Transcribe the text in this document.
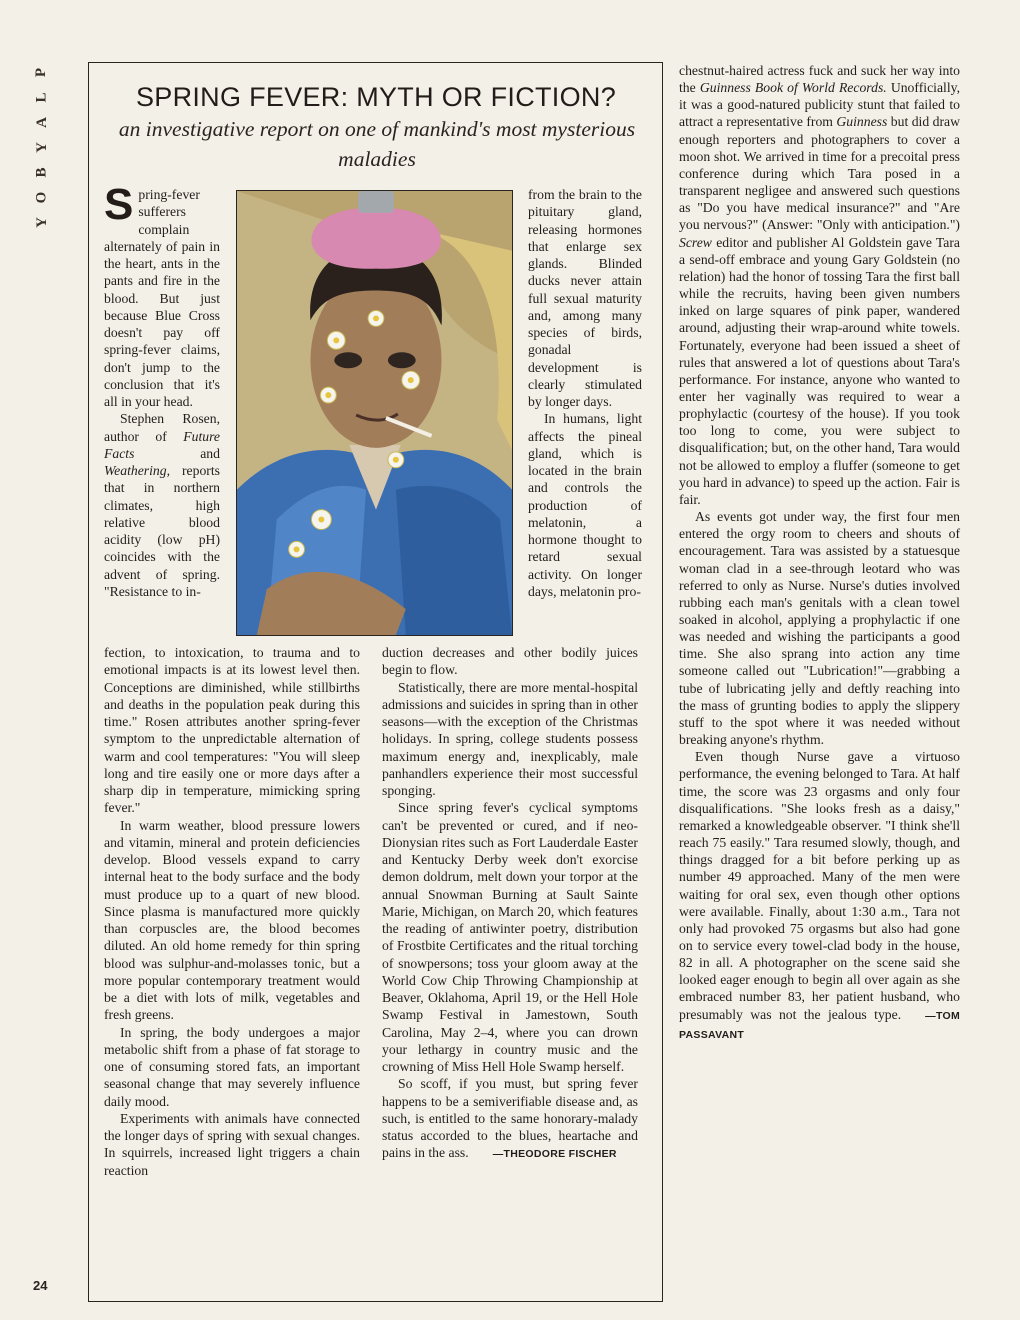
P
L
A
Y
B
O
Y
24
SPRING FEVER: MYTH OR FICTION?
an investigative report on one of mankind's most mysterious maladies

Spring-fever sufferers complain alternately of pain in the heart, ants in the pants and fire in the blood. But just because Blue Cross doesn't pay off spring-fever claims, don't jump to the conclusion that it's all in your head.

Stephen Rosen, author of Future Facts	and Weathering, reports that in northern climates, high relative blood acidity (low pH) coincides with the advent of spring. "Resistance to in-

from the brain to the pituitary gland, releasing hormones that enlarge sex glands. Blinded ducks never attain full sexual maturity and, among many species of birds, gonadal development is clearly stimulated by longer days.

In humans, light affects the pineal gland, which is located in the brain and controls the production of melatonin, a hormone thought to retard sexual activity. On longer days, melatonin pro-

fection, to intoxication, to trauma and to emotional impacts is at its lowest level then. Conceptions are diminished, while stillbirths and deaths in the population peak during this time." Rosen attributes another spring-fever symptom to the unpredictable alternation of warm and cool temperatures: "You will sleep long and tire easily one or more days after a sharp dip in temperature, mimicking spring fever."

In warm weather, blood pressure lowers and vitamin, mineral and protein deficiencies develop. Blood vessels expand to carry internal heat to the body surface and the body must produce up to a quart of new blood. Since plasma is manufactured more quickly than corpuscles are, the blood becomes diluted. An old home remedy for thin spring blood was sulphur-and-molasses tonic, but a more popular contemporary treatment would be a diet with lots of milk, vegetables and fresh greens.

In spring, the body undergoes a major metabolic shift from a phase of fat storage to one of consuming stored fats, an important seasonal change that may severely influence daily mood.

Experiments with animals have connected the longer days of spring with sexual changes. In squirrels, increased light triggers a chain reaction

duction decreases and other bodily juices begin to flow.

Statistically, there are more mental-hospital admissions and suicides in spring than in other seasons—with the exception of the Christmas holidays. In spring, college students possess maximum energy and, inexplicably, male panhandlers experience their most successful sponging.

Since spring fever's cyclical symptoms can't be prevented or cured, and if neo-Dionysian rites such as Fort Lauderdale Easter and Kentucky Derby week don't exorcise demon doldrum, melt down your torpor at the annual Snowman Burning at Sault Sainte Marie, Michigan, on March 20, which features the reading of antiwinter poetry, distribution of Frostbite Certificates and the ritual torching of snowpersons; toss your gloom away at the World Cow Chip Throwing Championship at Beaver, Oklahoma, April 19, or the Hell Hole Swamp Festival in Jamestown, South Carolina, May 2–4, where you can drown your lethargy in country music and the crowning of Miss Hell Hole Swamp herself.

So scoff, if you must, but spring fever happens to be a semiverifiable disease and, as such, is entitled to the same honorary-malady status accorded to the blues, heartache and pains in the ass. —THEODORE FISCHER

chestnut-haired actress fuck and suck her way into the Guinness Book of World Records. Unofficially, it was a good-natured publicity stunt that failed to attract a representative from Guinness but did draw enough reporters and photographers to cover a moon shot. We arrived in time for a precoital press conference during which Tara posed in a transparent negligee and answered such questions as "Do you have medical insurance?" and "Are you nervous?" (Answer: "Only with anticipation.") Screw editor and publisher Al Goldstein gave Tara a send-off embrace and young Gary Goldstein (no relation) had the honor of tossing Tara the first ball while the recruits, having been given numbers inked on large squares of pink paper, wandered around, adjusting their wrap-around white towels. Fortunately, everyone had been issued a sheet of rules that answered a lot of questions about Tara's performance. For instance, anyone who wanted to enter her vaginally was required to wear a prophylactic (courtesy of the house). If you took too long to come, you were subject to disqualification; but, on the other hand, Tara would not be allowed to employ a fluffer (someone to get you hard in advance) to speed up the action. Fair is fair.

As events got under way, the first four men entered the orgy room to cheers and shouts of encouragement. Tara was assisted by a statuesque woman clad in a see-through leotard who was referred to only as Nurse. Nurse's duties involved rubbing each man's genitals with a clean towel soaked in alcohol, applying a prophylactic if one was needed and wishing the participants a good time. She also sprang into action any time someone called out "Lubrication!"—grabbing a tube of lubricating jelly and deftly reaching into the mass of grunting bodies to apply the slippery stuff to the spot where it was needed without breaking anyone's rhythm.

Even though Nurse gave a virtuoso performance, the evening belonged to Tara. At half time, the score was 23 orgasms and only four disqualifications. "She looks fresh as a daisy," remarked a knowledgeable observer. "I think she'll reach 75 easily." Tara resumed slowly, though, and things dragged for a bit before perking up as number 49 approached. Many of the men were waiting for oral sex, even though other options were available. Finally, about 1:30 a.m., Tara not only had provoked 75 orgasms but also had gone on to service every towel-clad body in the house, 82 in all. A photographer on the scene said she looked eager enough to begin all over again as she embraced number 83, her patient husband, who presumably was not the jealous type. —TOM PASSAVANT
